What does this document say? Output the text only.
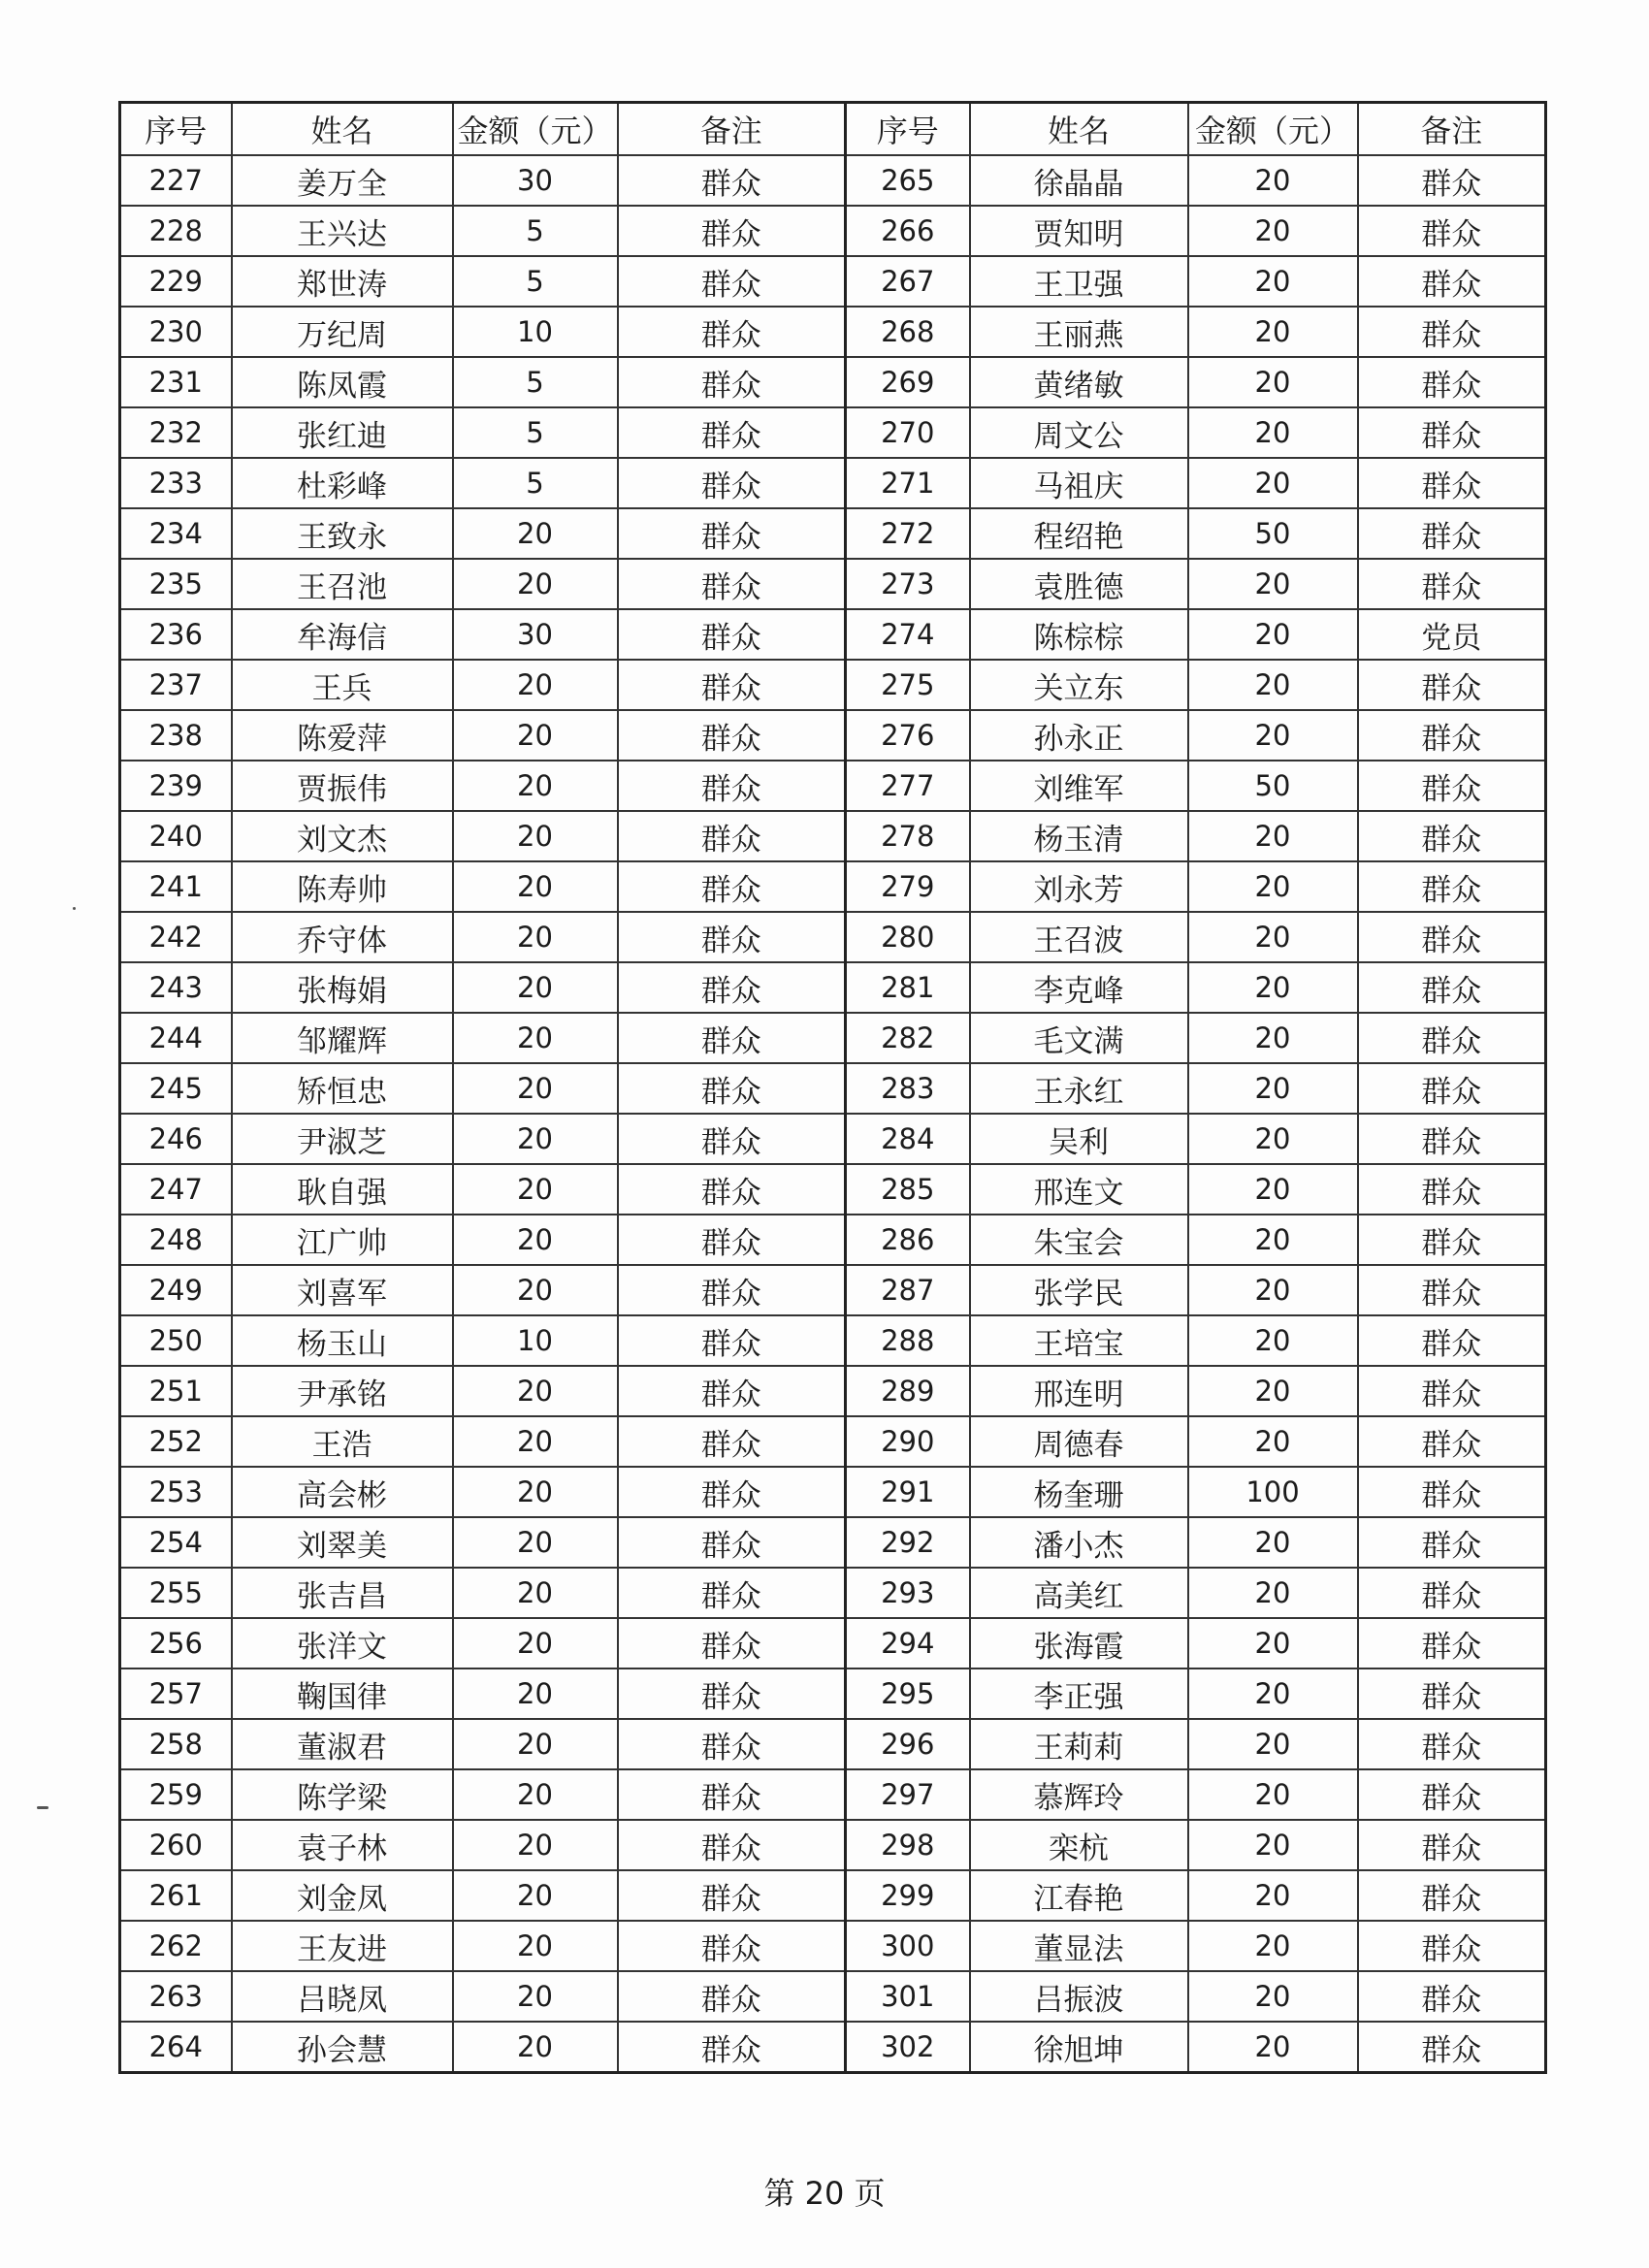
序号	姓名	金额（元）	备注	序号	姓名	金额（元）	备注
227	姜万全	30	群众	265	徐晶晶	20	群众
228	王兴达	5	群众	266	贾知明	20	群众
229	郑世涛	5	群众	267	王卫强	20	群众
230	万纪周	10	群众	268	王丽燕	20	群众
231	陈凤霞	5	群众	269	黄绪敏	20	群众
232	张红迪	5	群众	270	周文公	20	群众
233	杜彩峰	5	群众	271	马祖庆	20	群众
234	王致永	20	群众	272	程绍艳	50	群众
235	王召池	20	群众	273	袁胜德	20	群众
236	牟海信	30	群众	274	陈棕棕	20	党员
237	王兵	20	群众	275	关立东	20	群众
238	陈爱萍	20	群众	276	孙永正	20	群众
239	贾振伟	20	群众	277	刘维军	50	群众
240	刘文杰	20	群众	278	杨玉清	20	群众
241	陈寿帅	20	群众	279	刘永芳	20	群众
242	乔守体	20	群众	280	王召波	20	群众
243	张梅娟	20	群众	281	李克峰	20	群众
244	邹耀辉	20	群众	282	毛文满	20	群众
245	矫恒忠	20	群众	283	王永红	20	群众
246	尹淑芝	20	群众	284	吴利	20	群众
247	耿自强	20	群众	285	邢连文	20	群众
248	江广帅	20	群众	286	朱宝会	20	群众
249	刘喜军	20	群众	287	张学民	20	群众
250	杨玉山	10	群众	288	王培宝	20	群众
251	尹承铭	20	群众	289	邢连明	20	群众
252	王浩	20	群众	290	周德春	20	群众
253	高会彬	20	群众	291	杨奎珊	100	群众
254	刘翠美	20	群众	292	潘小杰	20	群众
255	张吉昌	20	群众	293	高美红	20	群众
256	张洋文	20	群众	294	张海霞	20	群众
257	鞠国律	20	群众	295	李正强	20	群众
258	董淑君	20	群众	296	王莉莉	20	群众
259	陈学梁	20	群众	297	慕辉玲	20	群众
260	袁子林	20	群众	298	栾杭	20	群众
261	刘金凤	20	群众	299	江春艳	20	群众
262	王友进	20	群众	300	董显法	20	群众
263	吕晓凤	20	群众	301	吕振波	20	群众
264	孙会慧	20	群众	302	徐旭坤	20	群众
第 20 页
